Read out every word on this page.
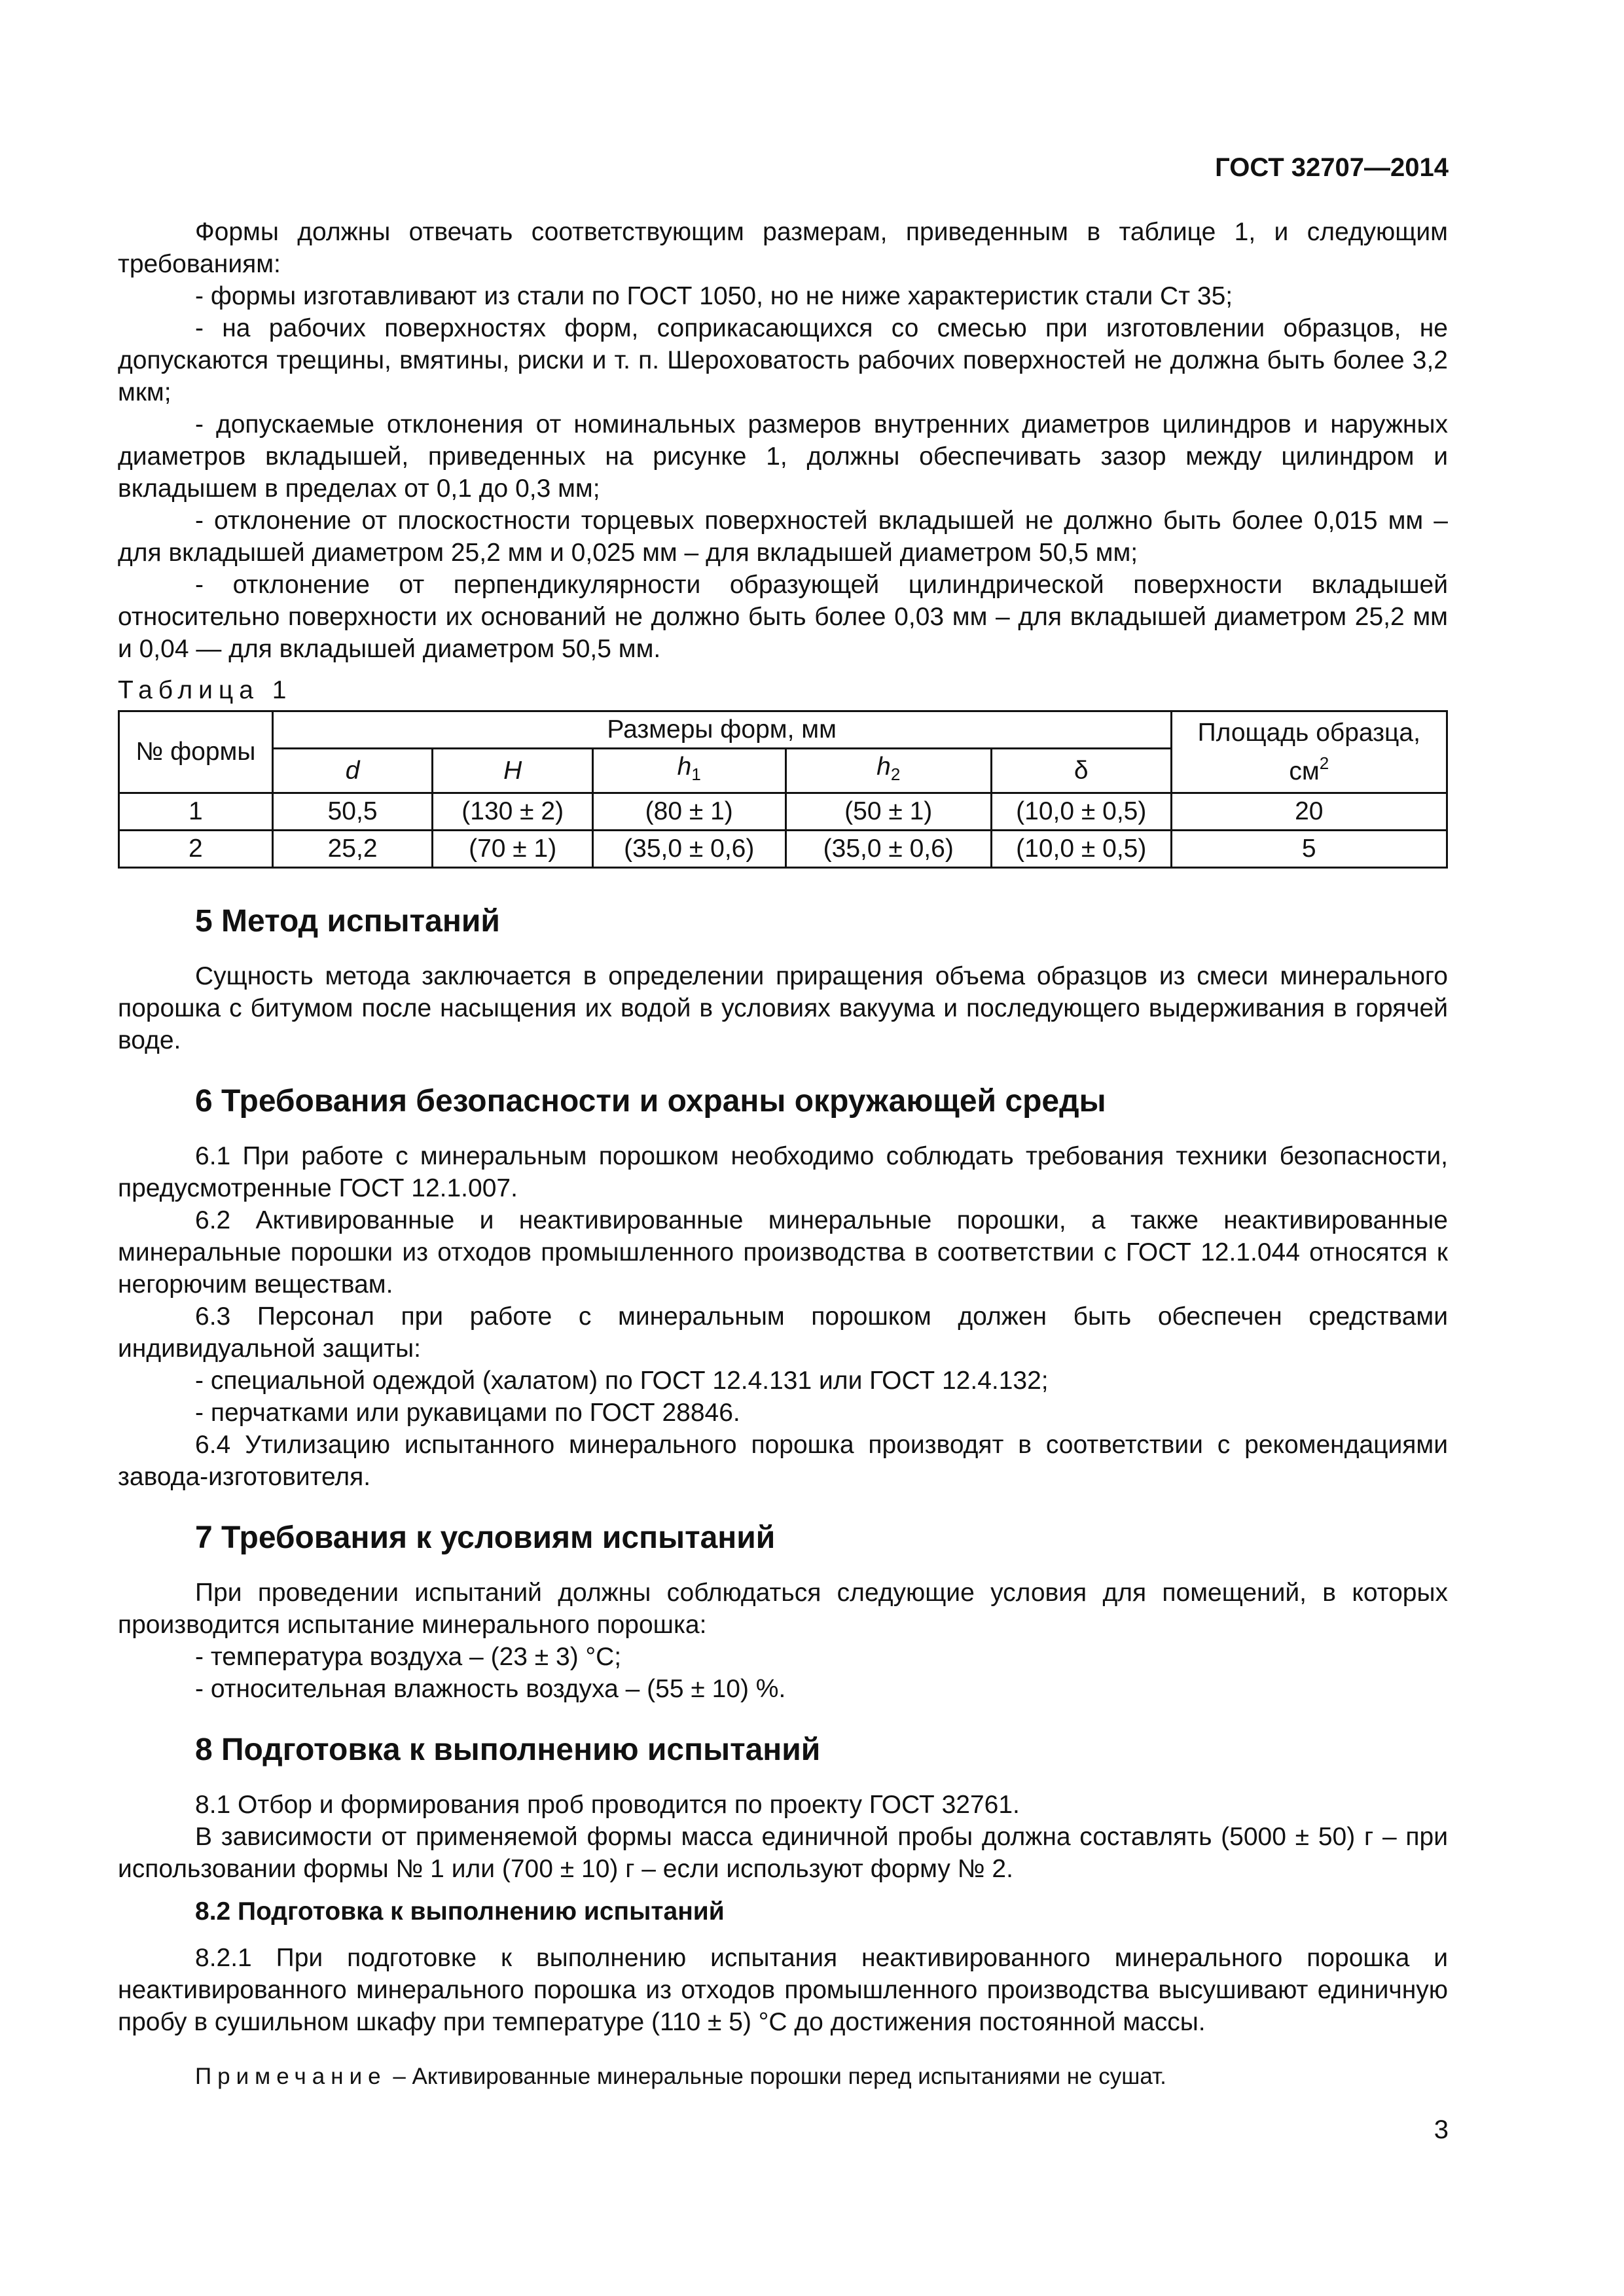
ГОСТ 32707—2014

Формы должны отвечать соответствующим размерам, приведенным в таблице 1, и следующим требованиям:

- формы изготавливают из стали по ГОСТ 1050, но не ниже характеристик стали Ст 35;

- на рабочих поверхностях форм, соприкасающихся со смесью при изготовлении образцов, не допускаются трещины, вмятины, риски и т. п. Шероховатость рабочих поверхностей не должна быть более 3,2 мкм;

- допускаемые отклонения от номинальных размеров внутренних диаметров цилиндров и наружных диаметров вкладышей, приведенных на рисунке 1, должны обеспечивать зазор между цилиндром и вкладышем в пределах от 0,1 до 0,3 мм;

- отклонение от плоскостности торцевых поверхностей вкладышей не должно быть более 0,015 мм – для вкладышей диаметром 25,2 мм и 0,025 мм – для вкладышей диаметром 50,5 мм;

- отклонение от перпендикулярности образующей цилиндрической поверхности вкладышей относительно поверхности их оснований не должно быть более 0,03 мм – для вкладышей диаметром 25,2 мм и 0,04 — для вкладышей диаметром 50,5 мм.

Таблица 1
№ формы	Размеры форм, мм					Площадь образца, $см^2$
	d	H	$h_1$	$h_2$	δ	
1	50,5	(130 ± 2)	(80 ± 1)	(50 ± 1)	(10,0 ± 0,5)	20
2	25,2	(70 ± 1)	(35,0 ± 0,6)	(35,0 ± 0,6)	(10,0 ± 0,5)	5
5 Метод испытаний

Сущность метода заключается в определении приращения объема образцов из смеси минерального порошка с битумом после насыщения их водой в условиях вакуума и последующего выдерживания в горячей воде.

6 Требования безопасности и охраны окружающей среды

6.1 При работе с минеральным порошком необходимо соблюдать требования техники безопасности, предусмотренные ГОСТ 12.1.007.

6.2 Активированные и неактивированные минеральные порошки, а также неактивированные минеральные порошки из отходов промышленного производства в соответствии с ГОСТ 12.1.044 относятся к негорючим веществам.

6.3 Персонал при работе с минеральным порошком должен быть обеспечен средствами индивидуальной защиты:

- специальной одеждой (халатом) по ГОСТ 12.4.131 или ГОСТ 12.4.132;

- перчатками или рукавицами по ГОСТ 28846.

6.4 Утилизацию испытанного минерального порошка производят в соответствии с рекомендациями завода-изготовителя.

7 Требования к условиям испытаний

При проведении испытаний должны соблюдаться следующие условия для помещений, в которых производится испытание минерального порошка:

- температура воздуха – (23 ± 3) °С;

- относительная влажность воздуха – (55 ± 10) %.

8 Подготовка к выполнению испытаний

8.1 Отбор и формирования проб проводится по проекту ГОСТ 32761.

В зависимости от применяемой формы масса единичной пробы должна составлять (5000 ± 50) г – при использовании формы № 1 или (700 ± 10) г – если используют форму № 2.

8.2 Подготовка к выполнению испытаний

8.2.1 При подготовке к выполнению испытания неактивированного минерального порошка и неактивированного минерального порошка из отходов промышленного производства высушивают единичную пробу в сушильном шкафу при температуре (110 ± 5) °С до достижения постоянной массы.

Примечание – Активированные минеральные порошки перед испытаниями не сушат.
3
